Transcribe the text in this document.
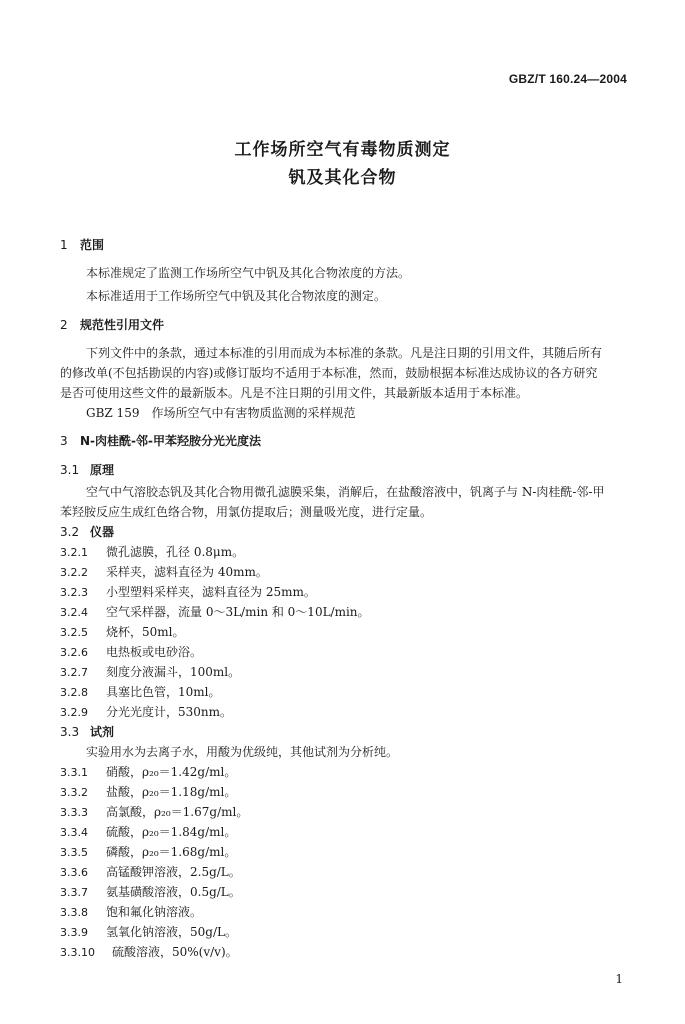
GBZ/T 160.24—2004
工作场所空气有毒物质测定
钒及其化合物
1 范围
本标准规定了监测工作场所空气中钒及其化合物浓度的方法。
本标准适用于工作场所空气中钒及其化合物浓度的测定。
2 规范性引用文件
下列文件中的条款，通过本标准的引用而成为本标准的条款。凡是注日期的引用文件，其随后所有
的修改单(不包括勘误的内容)或修订版均不适用于本标准，然而，鼓励根据本标准达成协议的各方研究
是否可使用这些文件的最新版本。凡是不注日期的引用文件，其最新版本适用于本标准。
GBZ 159　作场所空气中有害物质监测的采样规范
3 N-肉桂酰-邻-甲苯羟胺分光光度法
3.1 原理
空气中气溶胶态钒及其化合物用微孔滤膜采集，消解后，在盐酸溶液中，钒离子与 N-肉桂酰-邻-甲
苯羟胺反应生成红色络合物，用氯仿提取后；测量吸光度，进行定量。
3.2 仪器
3.2.1 微孔滤膜，孔径 0.8μm。
3.2.2 采样夹，滤料直径为 40mm。
3.2.3 小型塑料采样夹，滤料直径为 25mm。
3.2.4 空气采样器，流量 0～3L/min 和 0～10L/min。
3.2.5 烧杯，50ml。
3.2.6 电热板或电砂浴。
3.2.7 刻度分液漏斗，100ml。
3.2.8 具塞比色管，10ml。
3.2.9 分光光度计，530nm。
3.3 试剂
实验用水为去离子水，用酸为优级纯，其他试剂为分析纯。
3.3.1 硝酸，ρ₂₀＝1.42g/ml。
3.3.2 盐酸，ρ₂₀＝1.18g/ml。
3.3.3 高氯酸，ρ₂₀＝1.67g/ml。
3.3.4 硫酸，ρ₂₀＝1.84g/ml。
3.3.5 磷酸，ρ₂₀＝1.68g/ml。
3.3.6 高锰酸钾溶液，2.5g/L。
3.3.7 氨基磺酸溶液，0.5g/L。
3.3.8 饱和氟化钠溶液。
3.3.9 氢氧化钠溶液，50g/L。
3.3.10 硫酸溶液，50%(v/v)。
1
